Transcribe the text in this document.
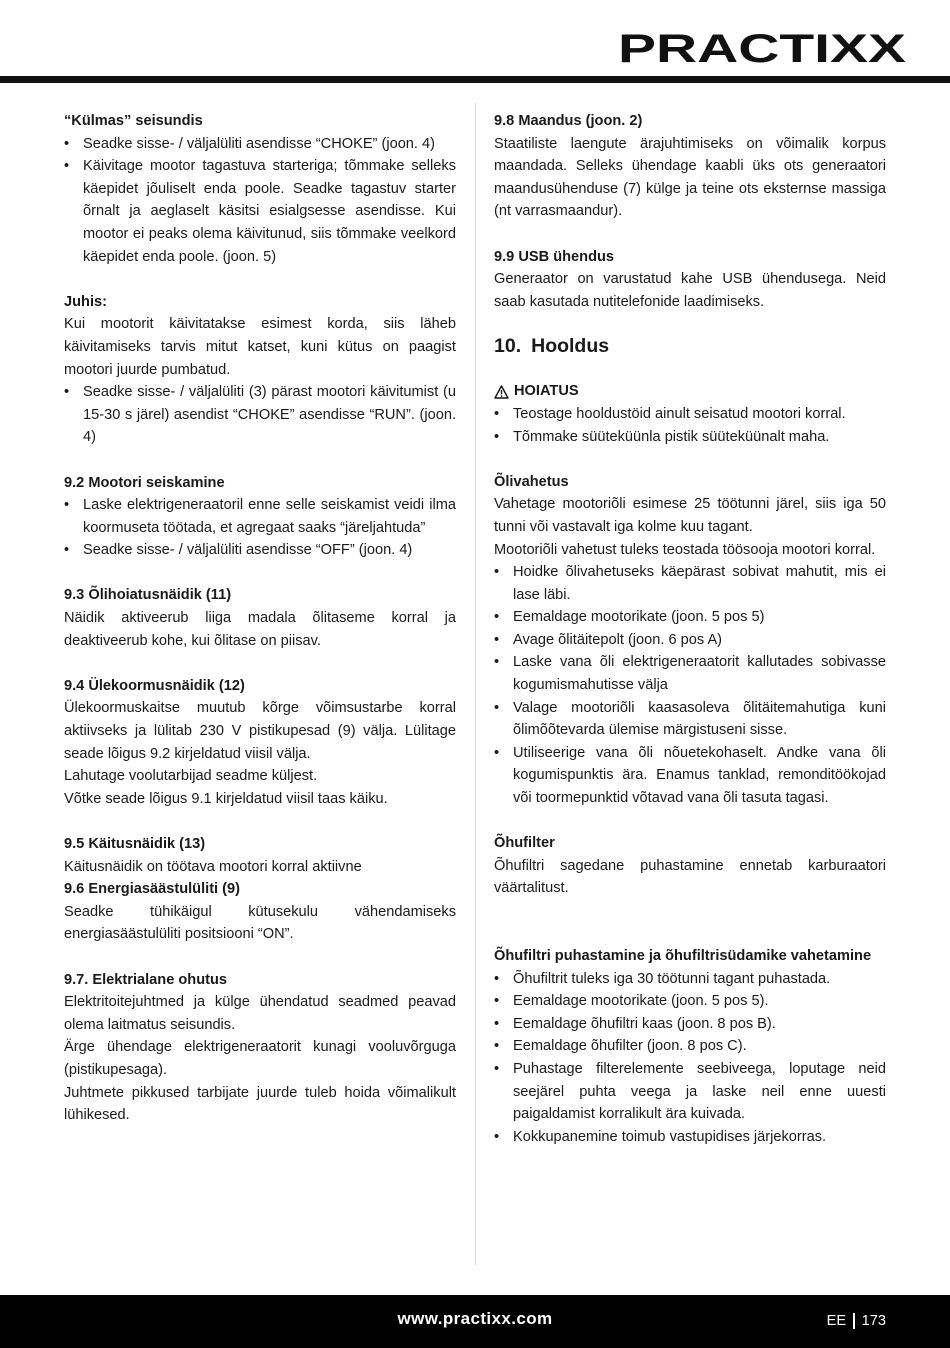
PRACTIXX

“Külmas” seisundis

• Seadke sisse- / väljalüliti asendisse “CHOKE” (joon. 4)
• Käivitage mootor tagastuva starteriga; tõmmake selleks käepidet jõuliselt enda poole. Seadke tagastuv starter õrnalt ja aeglaselt käsitsi esialgsesse asendisse. Kui mootor ei peaks olema käivitunud, siis tõmmake veelkord käepidet enda poole. (joon. 5)

Juhis:

Kui mootorit käivitatakse esimest korda, siis läheb käivitamiseks tarvis mitut katset, kuni kütus on paagist mootori juurde pumbatud.

• Seadke sisse- / väljalüliti (3) pärast mootori käivitumist (u 15-30 s järel) asendist “CHOKE” asendisse “RUN”. (joon. 4)

9.2 Mootori seiskamine

• Laske elektrigeneraatoril enne selle seiskamist veidi ilma koormuseta töötada, et agregaat saaks “järeljahtuda”
• Seadke sisse- / väljalüliti asendisse “OFF” (joon. 4)

9.3 Õlihoiatusnäidik (11)

Näidik aktiveerub liiga madala õlitaseme korral ja deaktiveerub kohe, kui õlitase on piisav.

9.4 Ülekoormusnäidik (12)

Ülekoormuskaitse muutub kõrge võimsustarbe korral aktiivseks ja lülitab 230 V pistikupesad (9) välja. Lülitage seade lõigus 9.2 kirjeldatud viisil välja.

Lahutage voolutarbijad seadme küljest.

Võtke seade lõigus 9.1 kirjeldatud viisil taas käiku.

9.5 Käitusnäidik (13)

Käitusnäidik on töötava mootori korral aktiivne

9.6 Energiasäästulüliti (9)

Seadke tühikäigul kütusekulu vähendamiseks energiasäästulüliti positsiooni “ON”.

9.7. Elektrialane ohutus

Elektritoitejuhtmed ja külge ühendatud seadmed peavad olema laitmatus seisundis.

Ärge ühendage elektrigeneraatorit kunagi vooluvõrguga (pistikupesaga).

Juhtmete pikkused tarbijate juurde tuleb hoida võimalikult lühikesed.

9.8 Maandus (joon. 2)

Staatiliste laengute ärajuhtimiseks on võimalik korpus maandada. Selleks ühendage kaabli üks ots generaatori maandusühenduse (7) külge ja teine ots eksternse massiga (nt varrasmaandur).

9.9 USB ühendus

Generaator on varustatud kahe USB ühendusega. Neid saab kasutada nutitelefonide laadimiseks.

10. Hooldus

HOIATUS

• Teostage hooldustöid ainult seisatud mootori korral.
• Tõmmake süüteküünla pistik süüteküünalt maha.

Õlivahetus

Vahetage mootoriõli esimese 25 töötunni järel, siis iga 50 tunni või vastavalt iga kolme kuu tagant.

Mootoriõli vahetust tuleks teostada töösooja mootori korral.

• Hoidke õlivahetuseks käepärast sobivat mahutit, mis ei lase läbi.
• Eemaldage mootorikate (joon. 5 pos 5)
• Avage õlitäitepolt (joon. 6 pos A)
• Laske vana õli elektrigeneraatorit kallutades sobivasse kogumismahutisse välja
• Valage mootoriõli kaasasoleva õlitäitemahutiga kuni õlimõõtevarda ülemise märgistuseni sisse.
• Utiliseerige vana õli nõuetekohaselt. Andke vana õli kogumispunktis ära. Enamus tanklad, remonditöökojad või toormepunktid võtavad vana õli tasuta tagasi.

Õhufilter

Õhufiltri sagedane puhastamine ennetab karburaatori väärtalitust.

Õhufiltri puhastamine ja õhufiltrisüdamike vahetamine

• Õhufiltrit tuleks iga 30 töötunni tagant puhastada.
• Eemaldage mootorikate (joon. 5 pos 5).
• Eemaldage õhufiltri kaas (joon. 8 pos B).
• Eemaldage õhufilter (joon. 8 pos C).
• Puhastage filterelemente seebiveega, loputage neid seejärel puhta veega ja laske neil enne uuesti paigaldamist korralikult ära kuivada.
• Kokkupanemine toimub vastupidises järjekorras.
www.practixx.com	EE 173
